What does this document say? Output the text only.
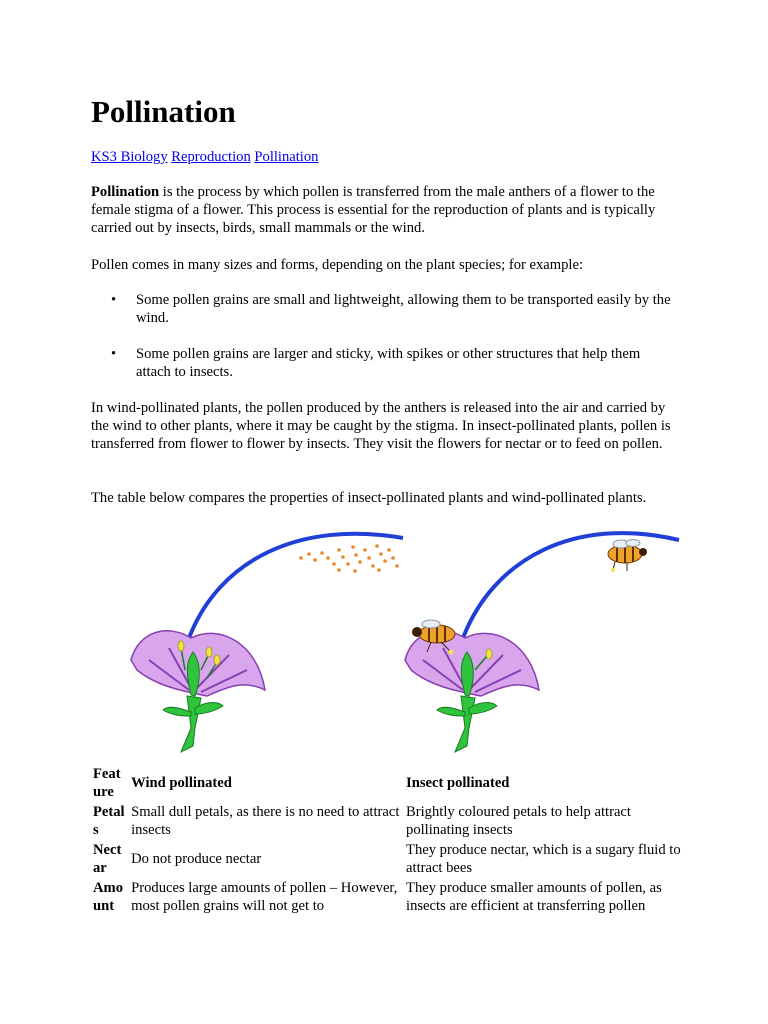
Pollination
KS3 Biology Reproduction Pollination

Pollination is the process by which pollen is transferred from the male anthers of a flower to the female stigma of a flower. This process is essential for the reproduction of plants and is typically carried out by insects, birds, small mammals or the wind.

Pollen comes in many sizes and forms, depending on the plant species; for example:

• Some pollen grains are small and lightweight, allowing them to be transported easily by the wind.
• Some pollen grains are larger and sticky, with spikes or other structures that help them attach to insects.

In wind-pollinated plants, the pollen produced by the anthers is released into the air and carried by the wind to other plants, where it may be caught by the stigma. In insect-pollinated plants, pollen is transferred from flower to flower by insects. They visit the flowers for nectar or to feed on pollen.

The table below compares the properties of insect-pollinated plants and wind-pollinated plants.

Feature	Wind pollinated	Insect pollinated
Petals	Small dull petals, as there is no need to attract insects	Brightly coloured petals to help attract pollinating insects
Nectar	Do not produce nectar	They produce nectar, which is a sugary fluid to attract bees
Amount	Produces large amounts of pollen – However, most pollen grains will not get to	They produce smaller amounts of pollen, as insects are efficient at transferring pollen
